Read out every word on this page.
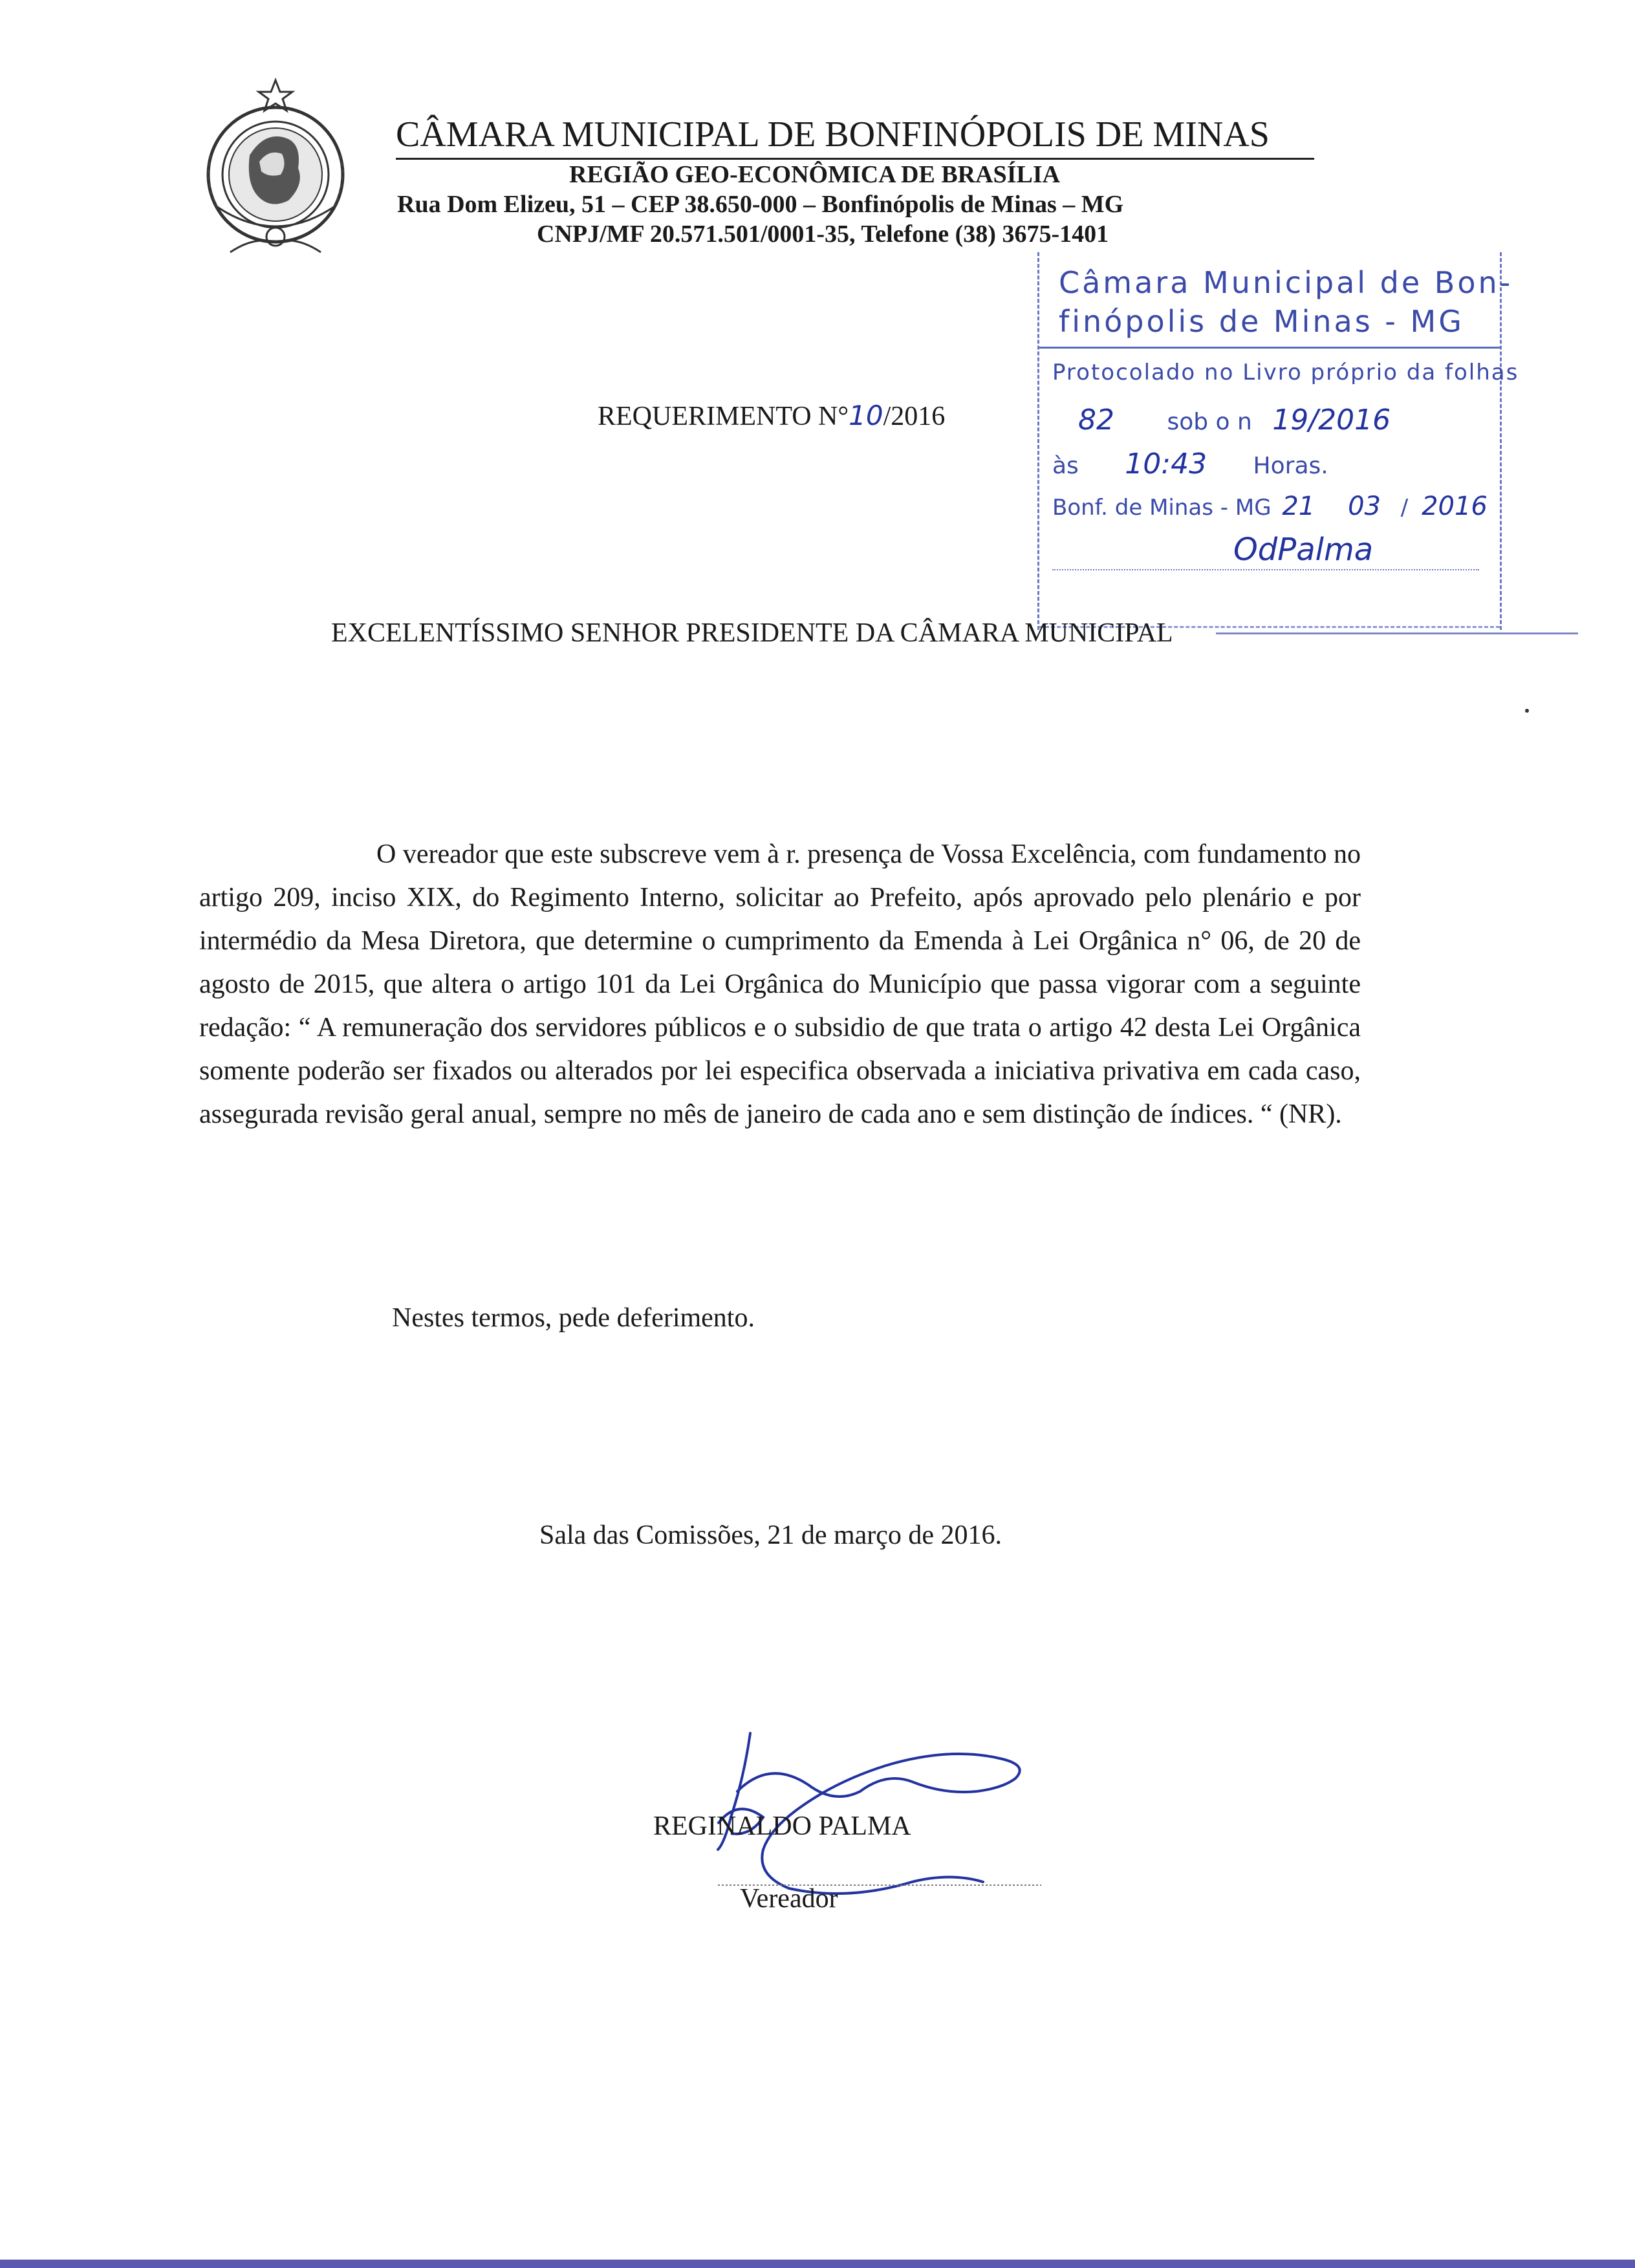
CÂMARA MUNICIPAL DE BONFINÓPOLIS DE MINAS
REGIÃO GEO-ECONÔMICA DE BRASÍLIA
Rua Dom Elizeu, 51 – CEP 38.650-000 – Bonfinópolis de Minas – MG
CNPJ/MF 20.571.501/0001-35, Telefone (38) 3675-1401
Câmara Municipal de Bon-
finópolis de Minas - MG
Protocolado no Livro próprio da folhas
82 sob o n 19/2016
às 10:43 Horas.
Bonf. de Minas - MG 21 03 / 2016
OdPalma
REQUERIMENTO N°10/2016
EXCELENTÍSSIMO SENHOR PRESIDENTE DA CÂMARA MUNICIPAL
O vereador que este subscreve vem à r. presença de Vossa Excelência, com fundamento no artigo 209, inciso XIX, do Regimento Interno, solicitar ao Prefeito, após aprovado pelo plenário e por intermédio da Mesa Diretora, que determine o cumprimento da Emenda à Lei Orgânica n° 06, de 20 de agosto de 2015, que altera o artigo 101 da Lei Orgânica do Município que passa vigorar com a seguinte redação: “ A remuneração dos servidores públicos e o subsidio de que trata o artigo 42 desta Lei Orgânica somente poderão ser fixados ou alterados por lei especifica observada a iniciativa privativa em cada caso, assegurada revisão geral anual, sempre no mês de janeiro de cada ano e sem distinção de índices. “ (NR).
Nestes termos, pede deferimento.
Sala das Comissões, 21 de março de 2016.
REGINALDO PALMA
Vereador
